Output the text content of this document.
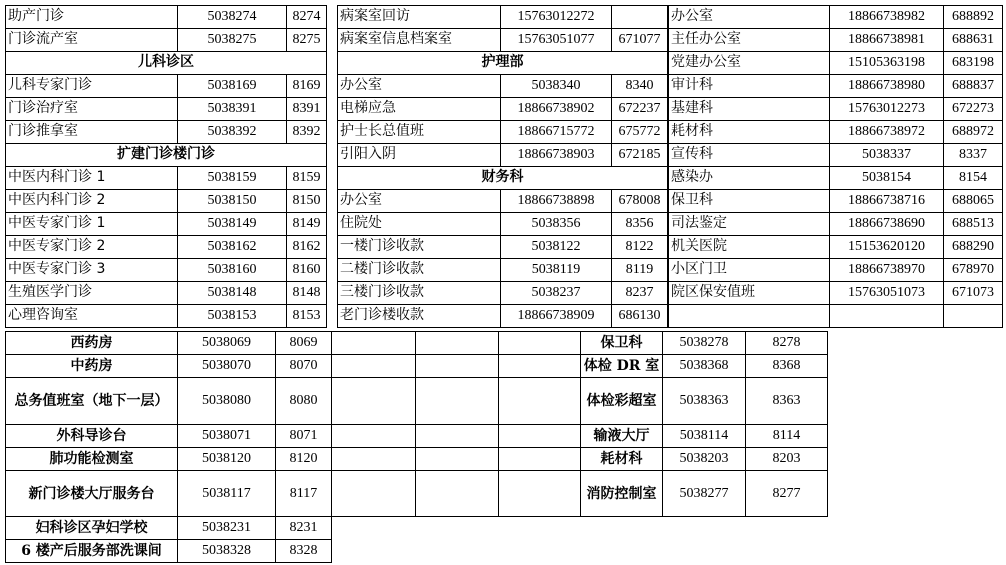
助产门诊	5038274	8274
门诊流产室	5038275	8275
儿科诊区
儿科专家门诊	5038169	8169
门诊治疗室	5038391	8391
门诊推拿室	5038392	8392
扩建门诊楼门诊
中医内科门诊 1	5038159	8159
中医内科门诊 2	5038150	8150
中医专家门诊 1	5038149	8149
中医专家门诊 2	5038162	8162
中医专家门诊 3	5038160	8160
生殖医学门诊	5038148	8148
心理咨询室	5038153	8153
病案室回访	15763012272
病案室信息档案室	15763051077	671077
护理部
办公室	5038340	8340
电梯应急	18866738902	672237
护士长总值班	18866715772	675772
引阳入阴	18866738903	672185
财务科
办公室	18866738898	678008
住院处	5038356	8356
一楼门诊收款	5038122	8122
二楼门诊收款	5038119	8119
三楼门诊收款	5038237	8237
老门诊楼收款	18866738909	686130
办公室	18866738982	688892
主任办公室	18866738981	688631
党建办公室	15105363198	683198
审计科	18866738980	688837
基建科	15763012273	672273
耗材科	18866738972	688972
宣传科	5038337	8337
感染办	5038154	8154
保卫科	18866738716	688065
司法鉴定	18866738690	688513
机关医院	15153620120	688290
小区门卫	18866738970	678970
院区保安值班	15763051073	671073
西药房	5038069	8069
中药房	5038070	8070
总务值班室（地下一层）	5038080	8080
外科导诊台	5038071	8071
肺功能检测室	5038120	8120
新门诊楼大厅服务台	5038117	8117
妇科诊区孕妇学校	5038231	8231
6 楼产后服务部洗课间	5038328	8328
保卫科	5038278	8278
体检 DR 室	5038368	8368
体检彩超室	5038363	8363
输液大厅	5038114	8114
耗材科	5038203	8203
消防控制室	5038277	8277
